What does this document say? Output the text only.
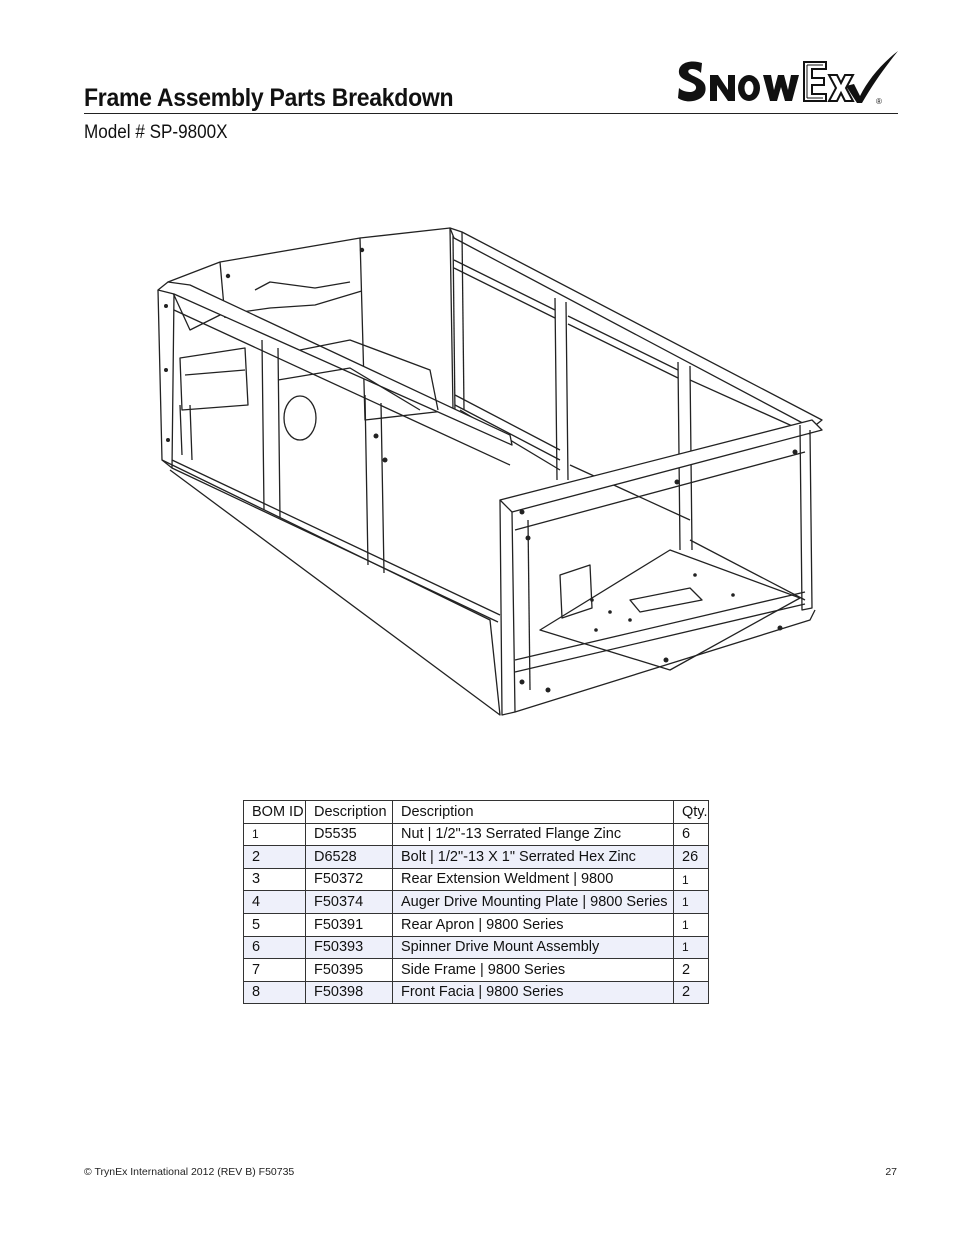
Frame Assembly Parts Breakdown
Model # SP-9800X
®
BOM ID	Description	Description	Qty.
1	D5535	Nut | 1/2"-13 Serrated Flange Zinc	6
2	D6528	Bolt | 1/2"-13 X 1" Serrated Hex Zinc	26
3	F50372	Rear Extension Weldment | 9800	1
4	F50374	Auger Drive Mounting Plate | 9800 Series	1
5	F50391	Rear Apron | 9800 Series	1
6	F50393	Spinner Drive Mount Assembly	1
7	F50395	Side Frame | 9800 Series	2
8	F50398	Front Facia | 9800 Series	2
© TrynEx International 2012 (REV B) F50735	27
